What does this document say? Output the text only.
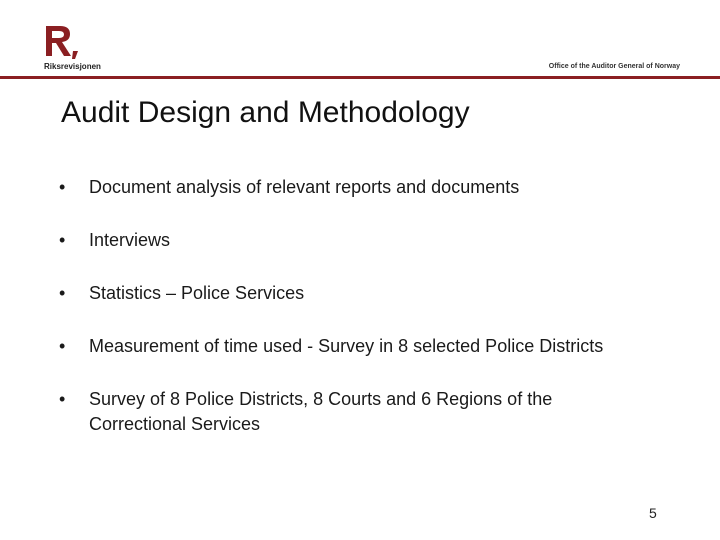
Riksrevisjonen	Office of the Auditor General of Norway
Audit Design and Methodology
• Document analysis of relevant reports and documents
• Interviews
• Statistics – Police Services
• Measurement of time used - Survey in 8 selected Police Districts
• Survey of 8 Police Districts, 8 Courts and 6 Regions of the Correctional Services
5
